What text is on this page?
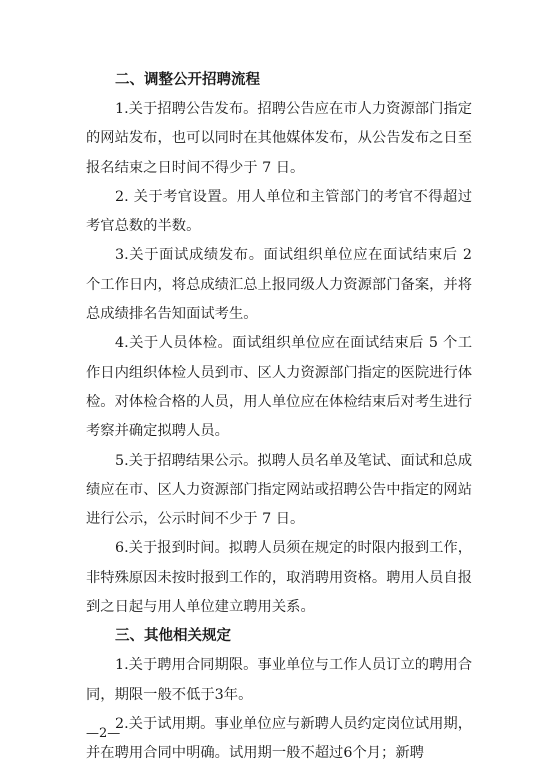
二、调整公开招聘流程

1.关于招聘公告发布。招聘公告应在市人力资源部门指定的网站发布，也可以同时在其他媒体发布，从公告发布之日至报名结束之日时间不得少于 7 日。

2. 关于考官设置。用人单位和主管部门的考官不得超过考官总数的半数。

3.关于面试成绩发布。面试组织单位应在面试结束后 2 个工作日内，将总成绩汇总上报同级人力资源部门备案，并将总成绩排名告知面试考生。

4.关于人员体检。面试组织单位应在面试结束后 5 个工作日内组织体检人员到市、区人力资源部门指定的医院进行体检。对体检合格的人员，用人单位应在体检结束后对考生进行考察并确定拟聘人员。

5.关于招聘结果公示。拟聘人员名单及笔试、面试和总成绩应在市、区人力资源部门指定网站或招聘公告中指定的网站进行公示，公示时间不少于 7 日。

6.关于报到时间。拟聘人员须在规定的时限内报到工作，非特殊原因未按时报到工作的，取消聘用资格。聘用人员自报到之日起与用人单位建立聘用关系。

三、其他相关规定

1.关于聘用合同期限。事业单位与工作人员订立的聘用合同，期限一般不低于3年。

2.关于试用期。事业单位应与新聘人员约定岗位试用期，并在聘用合同中明确。试用期一般不超过6个月；新聘

—2—
